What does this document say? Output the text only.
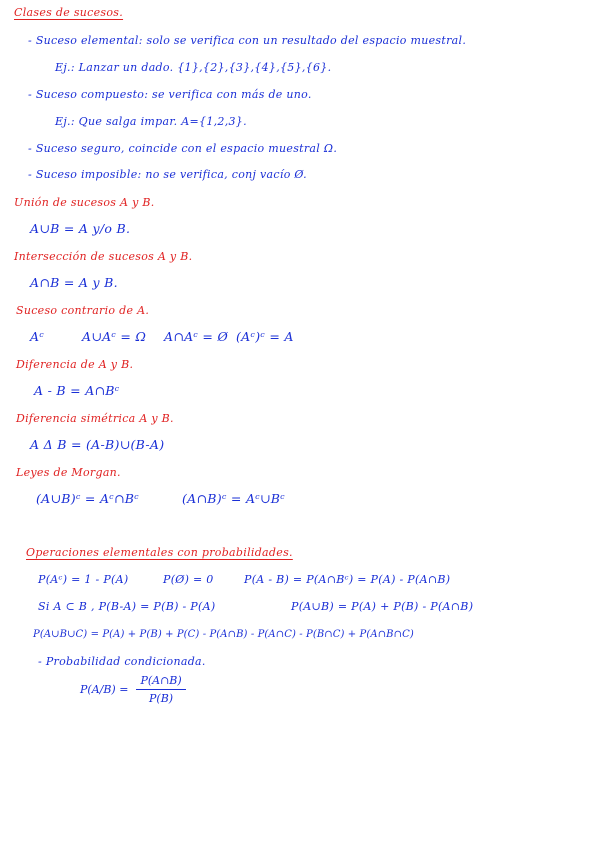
Clases de sucesos.
- Suceso elemental: solo se verifica con un resultado del espacio muestral.
Ej.: Lanzar un dado. {1},{2},{3},{4},{5},{6}.
- Suceso compuesto: se verifica con más de uno.
Ej.: Que salga impar. A={1,2,3}.
- Suceso seguro, coincide con el espacio muestral Ω.
- Suceso imposible: no se verifica, conj vacío Ø.
Unión de sucesos A y B.
A∪B = A y/o B.
Intersección de sucesos A y B.
A∩B = A y B.
Suceso contrario de A.
Aᶜ	A∪Aᶜ = Ω A∩Aᶜ = Ø (Aᶜ)ᶜ = A
Diferencia de A y B.
A - B = A∩Bᶜ
Diferencia simétrica A y B.
A Δ B = (A-B)∪(B-A)
Leyes de Morgan.
(A∪B)ᶜ = Aᶜ∩Bᶜ	(A∩B)ᶜ = Aᶜ∪Bᶜ
Operaciones elementales con probabilidades.
P(Aᶜ) = 1 - P(A)	P(Ø) = 0	P(A - B) = P(A∩Bᶜ) = P(A) - P(A∩B)
Si A ⊂ B , P(B-A) = P(B) - P(A)	P(A∪B) = P(A) + P(B) - P(A∩B)
P(A∪B∪C) = P(A) + P(B) + P(C) - P(A∩B) - P(A∩C) - P(B∩C) + P(A∩B∩C)
- Probabilidad condicionada.
$P(A/B) = \frac{P(A\cap B)}{P(B)}$
